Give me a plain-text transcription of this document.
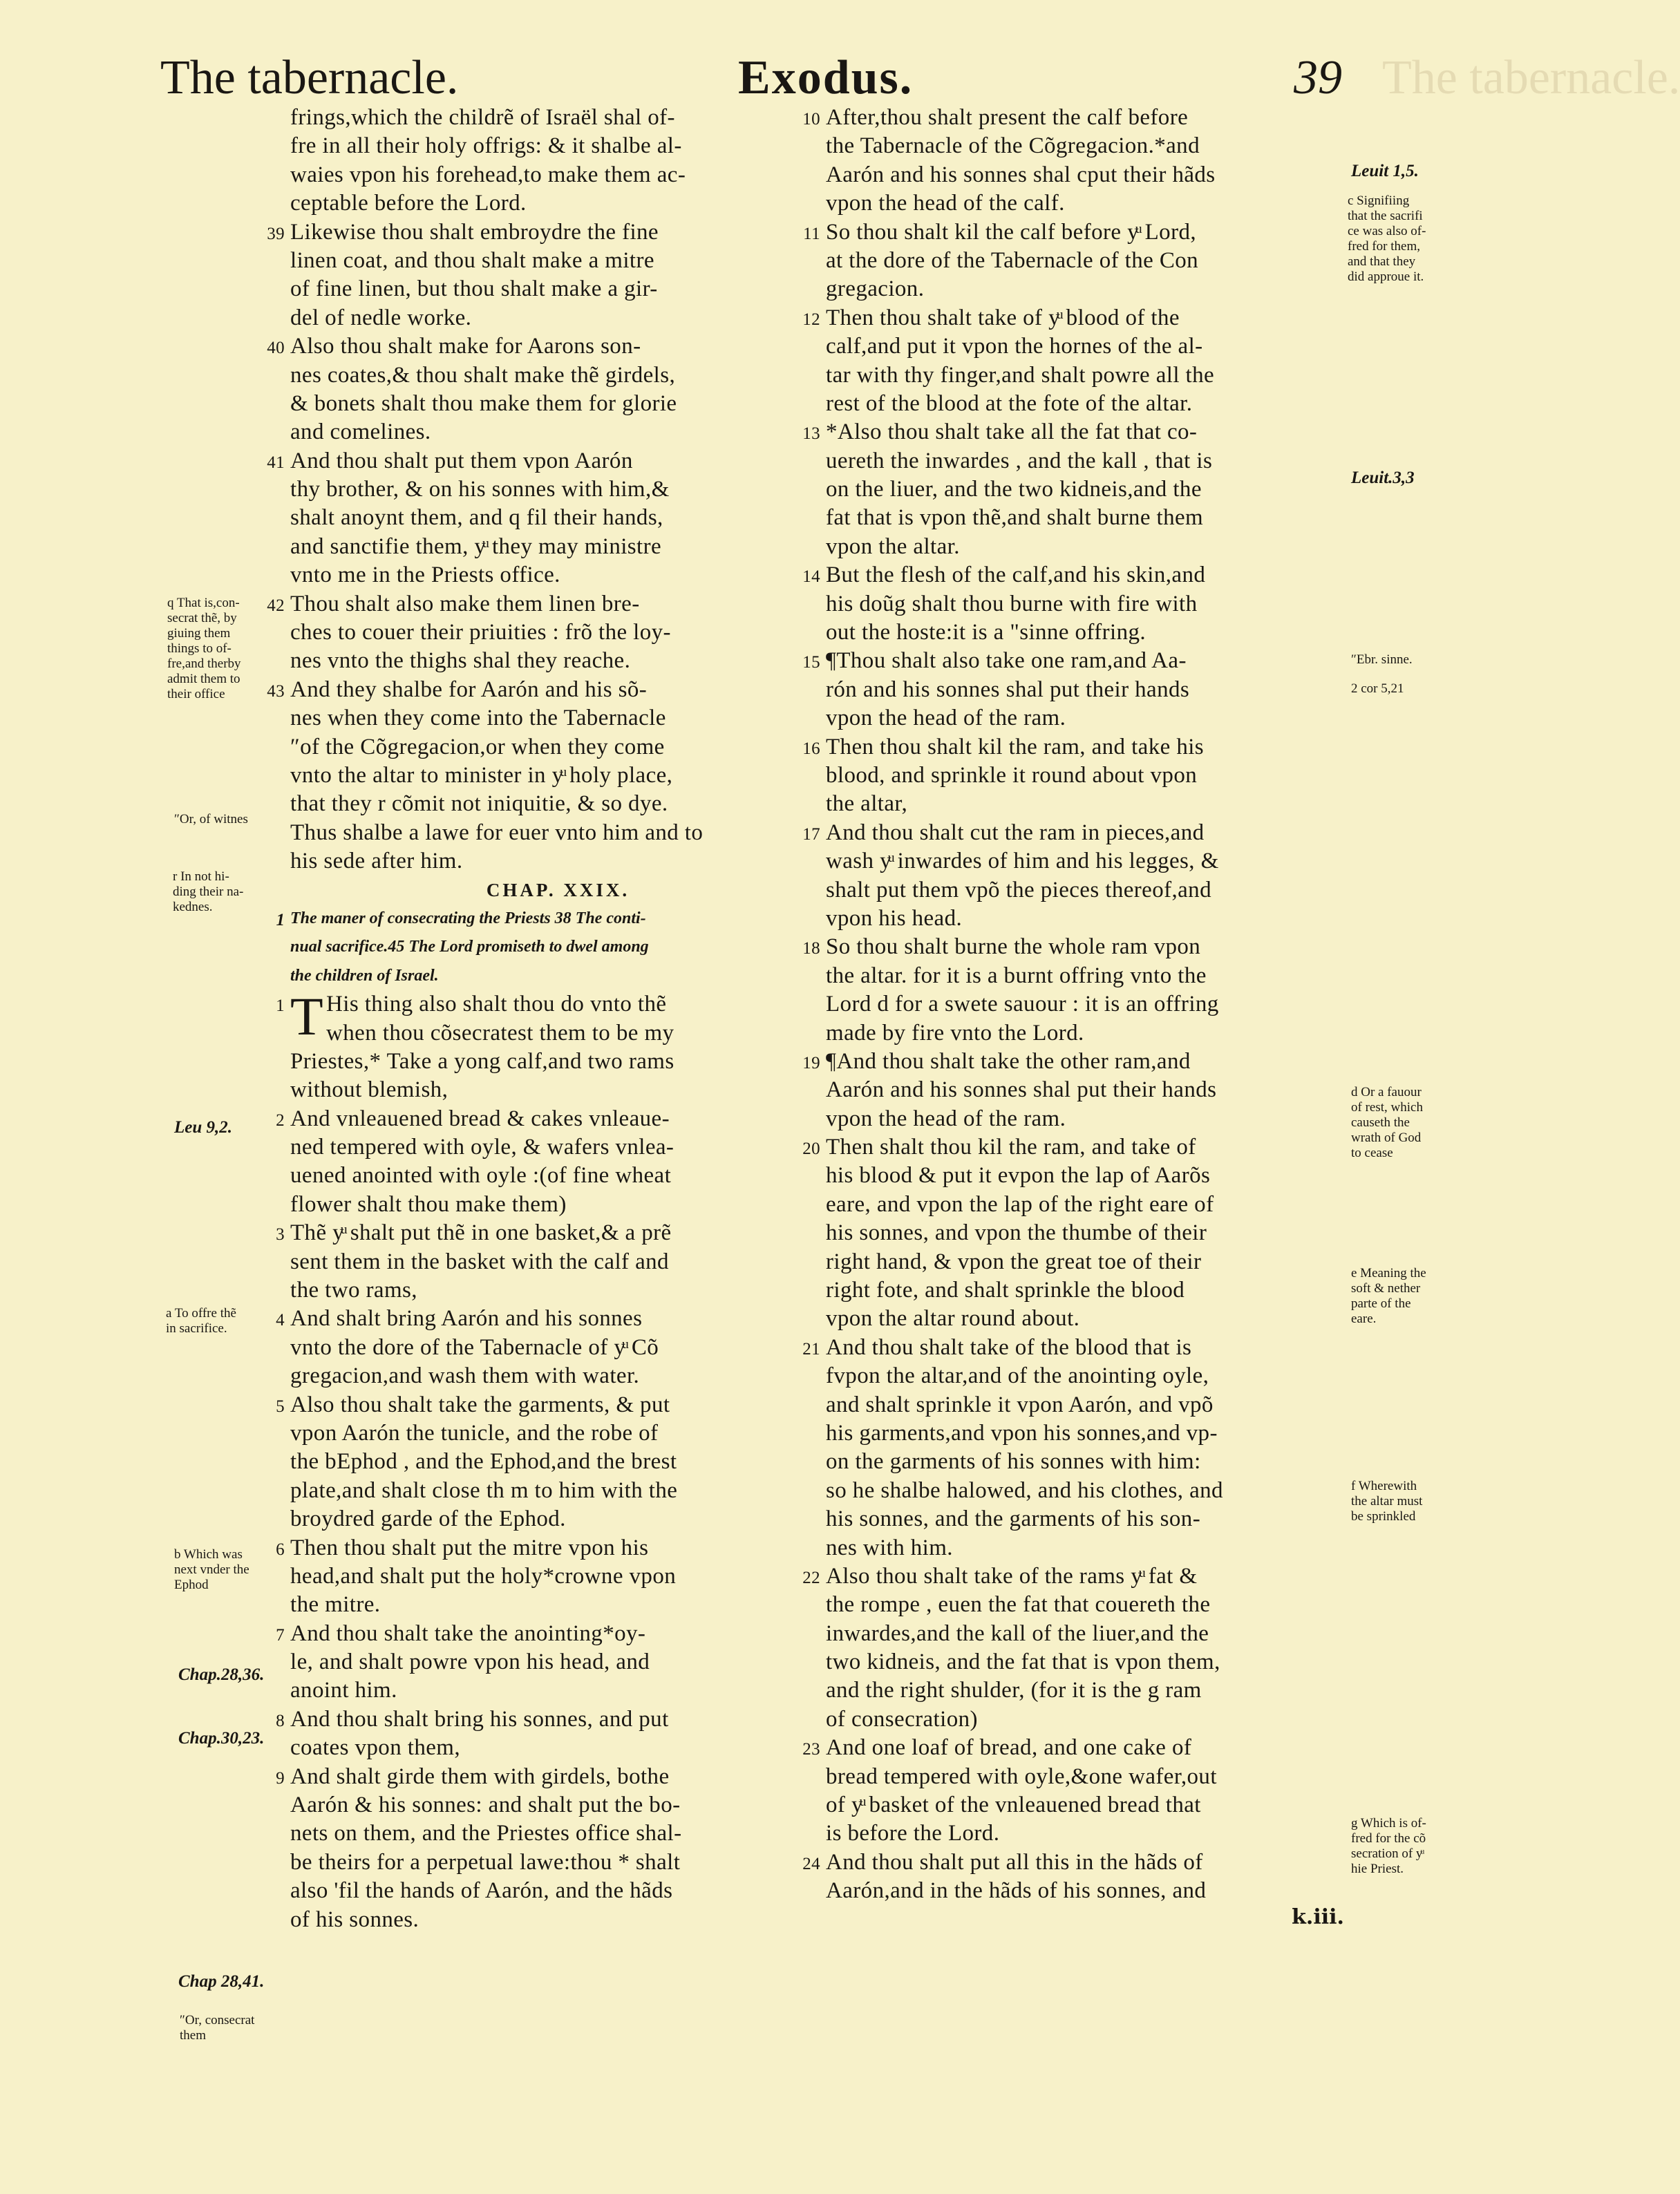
The tabernacle.	Exodus.	39 The tabernacle.
frings,which the childrẽ of Israël shal of-
fre in all their holy offrigs: & it shalbe al-
waies vpon his forehead,to make them ac-
ceptable before the Lord.
39 Likewise thou shalt embroydre the fine
linen coat, and thou shalt make a mitre
of fine linen, but thou shalt make a gir-
del of nedle worke.
40 Also thou shalt make for Aarons son-
nes coates,& thou shalt make thẽ girdels,
& bonets shalt thou make them for glorie
and comelines.
41 And thou shalt put them vpon Aarón
thy brother, & on his sonnes with him,&
shalt anoynt them, and q fil their hands,
and sanctifie them, yͧ they may ministre
vnto me in the Priests office.
42 Thou shalt also make them linen bre-
ches to couer their priuities : frõ the loy-
nes vnto the thighs shal they reache.
43 And they shalbe for Aarón and his sõ-
nes when they come into the Tabernacle
″of the Cõgregacion,or when they come
vnto the altar to minister in yͧ holy place,
that they r cõmit not iniquitie, & so dye.
Thus shalbe a lawe for euer vnto him and to
his sede after him.
CHAP. XXIX.
1 The maner of consecrating the Priests 38 The conti-
nual sacrifice.45 The Lord promiseth to dwel among
the children of Israel.
1 T His thing also shalt thou do vnto thẽ
when thou cõsecratest them to be my
Priestes,* Take a yong calf,and two rams
without blemish,
2 And vnleauened bread & cakes vnleaue-
ned tempered with oyle, & wafers vnlea-
uened anointed with oyle :(of fine wheat
flower shalt thou make them)
3 Thẽ yͧ shalt put thẽ in one basket,& a prẽ
sent them in the basket with the calf and
the two rams,
4 And shalt bring Aarón and his sonnes
vnto the dore of the Tabernacle of yͧ Cõ
gregacion,and wash them with water.
5 Also thou shalt take the garments, & put
vpon Aarón the tunicle, and the robe of
the bEphod , and the Ephod,and the brest
plate,and shalt close th m to him with the
broydred garde of the Ephod.
6 Then thou shalt put the mitre vpon his
head,and shalt put the holy*crowne vpon
the mitre.
7 And thou shalt take the anointing*oy-
le, and shalt powre vpon his head, and
anoint him.
8 And thou shalt bring his sonnes, and put
coates vpon them,
9 And shalt girde them with girdels, bothe
Aarón & his sonnes: and shalt put the bo-
nets on them, and the Priestes office shal-
be theirs for a perpetual lawe:thou * shalt
also 'fil the hands of Aarón, and the hãds
of his sonnes.
10 After,thou shalt present the calf before
the Tabernacle of the Cõgregacion.*and
Aarón and his sonnes shal cput their hãds
vpon the head of the calf.
11 So thou shalt kil the calf before yͧ Lord,
at the dore of the Tabernacle of the Con
gregacion.
12 Then thou shalt take of yͧ blood of the
calf,and put it vpon the hornes of the al-
tar with thy finger,and shalt powre all the
rest of the blood at the fote of the altar.
13 *Also thou shalt take all the fat that co-
uereth the inwardes , and the kall , that is
on the liuer, and the two kidneis,and the
fat that is vpon thẽ,and shalt burne them
vpon the altar.
14 But the flesh of the calf,and his skin,and
his doũg shalt thou burne with fire with
out the hoste:it is a "sinne offring.
15 ¶Thou shalt also take one ram,and Aa-
rón and his sonnes shal put their hands
vpon the head of the ram.
16 Then thou shalt kil the ram, and take his
blood, and sprinkle it round about vpon
the altar,
17 And thou shalt cut the ram in pieces,and
wash yͧ inwardes of him and his legges, &
shalt put them vpõ the pieces thereof,and
vpon his head.
18 So thou shalt burne the whole ram vpon
the altar. for it is a burnt offring vnto the
Lord d for a swete sauour : it is an offring
made by fire vnto the Lord.
19 ¶And thou shalt take the other ram,and
Aarón and his sonnes shal put their hands
vpon the head of the ram.
20 Then shalt thou kil the ram, and take of
his blood & put it evpon the lap of Aarõs
eare, and vpon the lap of the right eare of
his sonnes, and vpon the thumbe of their
right hand, & vpon the great toe of their
right fote, and shalt sprinkle the blood
vpon the altar round about.
21 And thou shalt take of the blood that is
fvpon the altar,and of the anointing oyle,
and shalt sprinkle it vpon Aarón, and vpõ
his garments,and vpon his sonnes,and vp-
on the garments of his sonnes with him:
so he shalbe halowed, and his clothes, and
his sonnes, and the garments of his son-
nes with him.
22 Also thou shalt take of the rams yͧ fat &
the rompe , euen the fat that couereth the
inwardes,and the kall of the liuer,and the
two kidneis, and the fat that is vpon them,
and the right shulder, (for it is the g ram
of consecration)
23 And one loaf of bread, and one cake of
bread tempered with oyle,&one wafer,out
of yͧ basket of the vnleauened bread that
is before the Lord.
24 And thou shalt put all this in the hãds of
Aarón,and in the hãds of his sonnes, and
k.iii.
q That is,con-
secrat thẽ, by
giuing them
things to of-
fre,and therby
admit them to
their office
″Or, of witnes
r In not hi-
ding their na-
kednes.
Leu 9,2.
a To offre thẽ
in sacrifice.
b Which was
next vnder the
Ephod
Chap.28,36.
Chap.30,23.
Chap 28,41.
″Or, consecrat
them
Leuit 1,5.
c Signifiing
that the sacrifi
ce was also of-
fred for them,
and that they
did approue it.
Leuit.3,3
″Ebr. sinne.
2 cor 5,21
d Or a fauour
of rest, which
causeth the
wrath of God
to cease
e Meaning the
soft & nether
parte of the
eare.
f Wherewith
the altar must
be sprinkled
g Which is of-
fred for the cõ
secration of yͧ
hie Priest.
